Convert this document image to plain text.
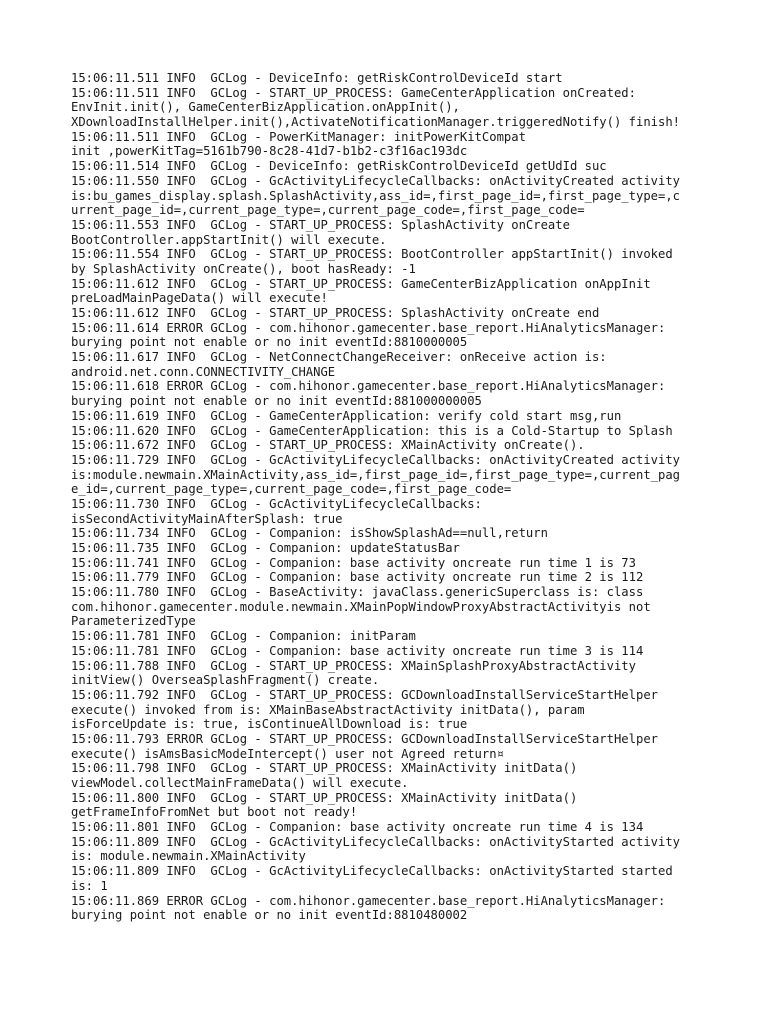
15:06:11.511 INFO  GCLog - DeviceInfo: getRiskControlDeviceId start
15:06:11.511 INFO  GCLog - START_UP_PROCESS: GameCenterApplication onCreated:
EnvInit.init(), GameCenterBizApplication.onAppInit(),
XDownloadInstallHelper.init(),ActivateNotificationManager.triggeredNotify() finish!
15:06:11.511 INFO  GCLog - PowerKitManager: initPowerKitCompat
init ,powerKitTag=5161b790-8c28-41d7-b1b2-c3f16ac193dc
15:06:11.514 INFO  GCLog - DeviceInfo: getRiskControlDeviceId getUdId suc
15:06:11.550 INFO  GCLog - GcActivityLifecycleCallbacks: onActivityCreated activity
is:bu_games_display.splash.SplashActivity,ass_id=,first_page_id=,first_page_type=,c
urrent_page_id=,current_page_type=,current_page_code=,first_page_code=
15:06:11.553 INFO  GCLog - START_UP_PROCESS: SplashActivity onCreate
BootController.appStartInit() will execute.
15:06:11.554 INFO  GCLog - START_UP_PROCESS: BootController appStartInit() invoked
by SplashActivity onCreate(), boot hasReady: -1
15:06:11.612 INFO  GCLog - START_UP_PROCESS: GameCenterBizApplication onAppInit
preLoadMainPageData() will execute!
15:06:11.612 INFO  GCLog - START_UP_PROCESS: SplashActivity onCreate end
15:06:11.614 ERROR GCLog - com.hihonor.gamecenter.base_report.HiAnalyticsManager:
burying point not enable or no init eventId:8810000005
15:06:11.617 INFO  GCLog - NetConnectChangeReceiver: onReceive action is:
android.net.conn.CONNECTIVITY_CHANGE
15:06:11.618 ERROR GCLog - com.hihonor.gamecenter.base_report.HiAnalyticsManager:
burying point not enable or no init eventId:881000000005
15:06:11.619 INFO  GCLog - GameCenterApplication: verify cold start msg,run
15:06:11.620 INFO  GCLog - GameCenterApplication: this is a Cold-Startup to Splash
15:06:11.672 INFO  GCLog - START_UP_PROCESS: XMainActivity onCreate().
15:06:11.729 INFO  GCLog - GcActivityLifecycleCallbacks: onActivityCreated activity
is:module.newmain.XMainActivity,ass_id=,first_page_id=,first_page_type=,current_pag
e_id=,current_page_type=,current_page_code=,first_page_code=
15:06:11.730 INFO  GCLog - GcActivityLifecycleCallbacks:
isSecondActivityMainAfterSplash: true
15:06:11.734 INFO  GCLog - Companion: isShowSplashAd==null,return
15:06:11.735 INFO  GCLog - Companion: updateStatusBar
15:06:11.741 INFO  GCLog - Companion: base activity oncreate run time 1 is 73
15:06:11.779 INFO  GCLog - Companion: base activity oncreate run time 2 is 112
15:06:11.780 INFO  GCLog - BaseActivity: javaClass.genericSuperclass is: class
com.hihonor.gamecenter.module.newmain.XMainPopWindowProxyAbstractActivityis not
ParameterizedType
15:06:11.781 INFO  GCLog - Companion: initParam
15:06:11.781 INFO  GCLog - Companion: base activity oncreate run time 3 is 114
15:06:11.788 INFO  GCLog - START_UP_PROCESS: XMainSplashProxyAbstractActivity
initView() OverseaSplashFragment() create.
15:06:11.792 INFO  GCLog - START_UP_PROCESS: GCDownloadInstallServiceStartHelper
execute() invoked from is: XMainBaseAbstractActivity initData(), param
isForceUpdate is: true, isContinueAllDownload is: true
15:06:11.793 ERROR GCLog - START_UP_PROCESS: GCDownloadInstallServiceStartHelper
execute() isAmsBasicModeIntercept() user not Agreed return¤
15:06:11.798 INFO  GCLog - START_UP_PROCESS: XMainActivity initData()
viewModel.collectMainFrameData() will execute.
15:06:11.800 INFO  GCLog - START_UP_PROCESS: XMainActivity initData()
getFrameInfoFromNet but boot not ready!
15:06:11.801 INFO  GCLog - Companion: base activity oncreate run time 4 is 134
15:06:11.809 INFO  GCLog - GcActivityLifecycleCallbacks: onActivityStarted activity
is: module.newmain.XMainActivity
15:06:11.809 INFO  GCLog - GcActivityLifecycleCallbacks: onActivityStarted started
is: 1
15:06:11.869 ERROR GCLog - com.hihonor.gamecenter.base_report.HiAnalyticsManager:
burying point not enable or no init eventId:8810480002
